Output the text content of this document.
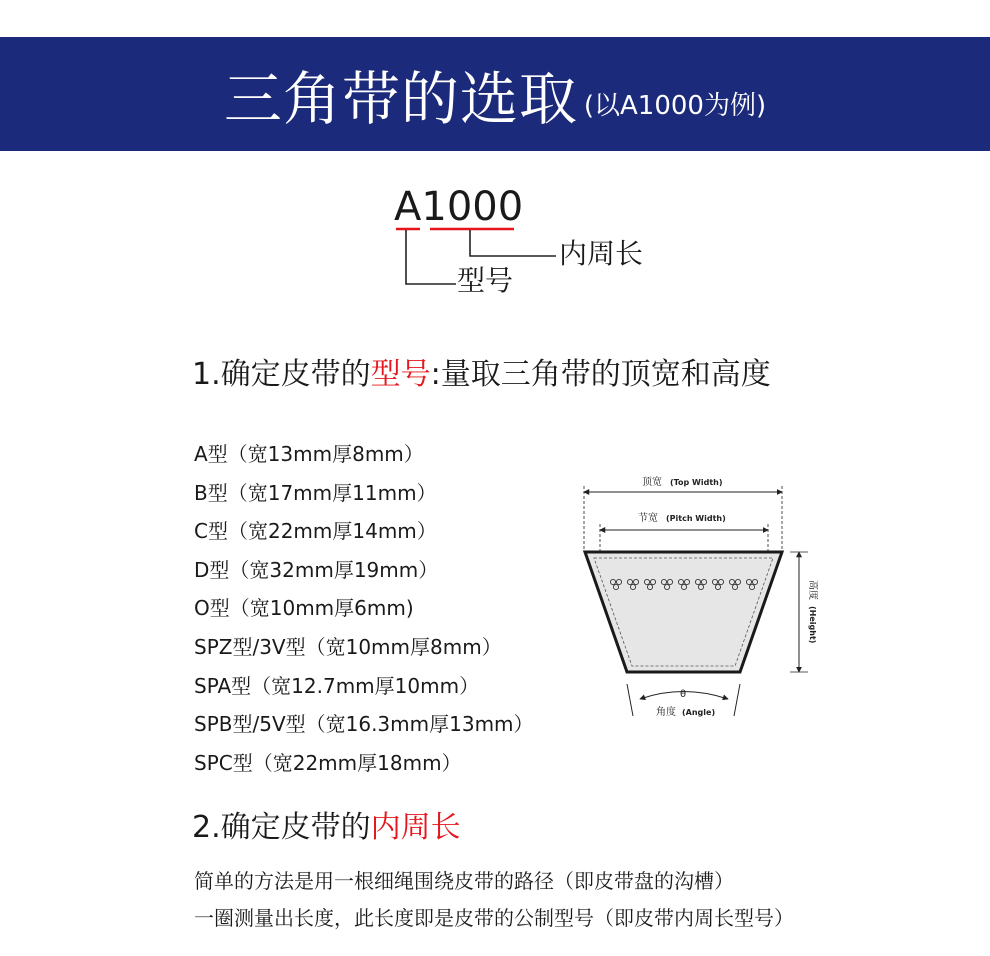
三角带的选取 (以A1000为例)
A1000
内周长
型号
1.确定皮带的型号:量取三角带的顶宽和高度
A型（宽13mm厚8mm）
B型（宽17mm厚11mm）
C型（宽22mm厚14mm）
D型（宽32mm厚19mm）
O型（宽10mm厚6mm)
SPZ型/3V型（宽10mm厚8mm）
SPA型（宽12.7mm厚10mm）
SPB型/5V型（宽16.3mm厚13mm）
SPC型（宽22mm厚18mm）
顶宽 (Top Width)
节宽 (Pitch Width)
高度
(Height)
θ
角度 (Angle)
2.确定皮带的内周长
简单的方法是用一根细绳围绕皮带的路径（即皮带盘的沟槽）
一圈测量出长度，此长度即是皮带的公制型号（即皮带内周长型号）
